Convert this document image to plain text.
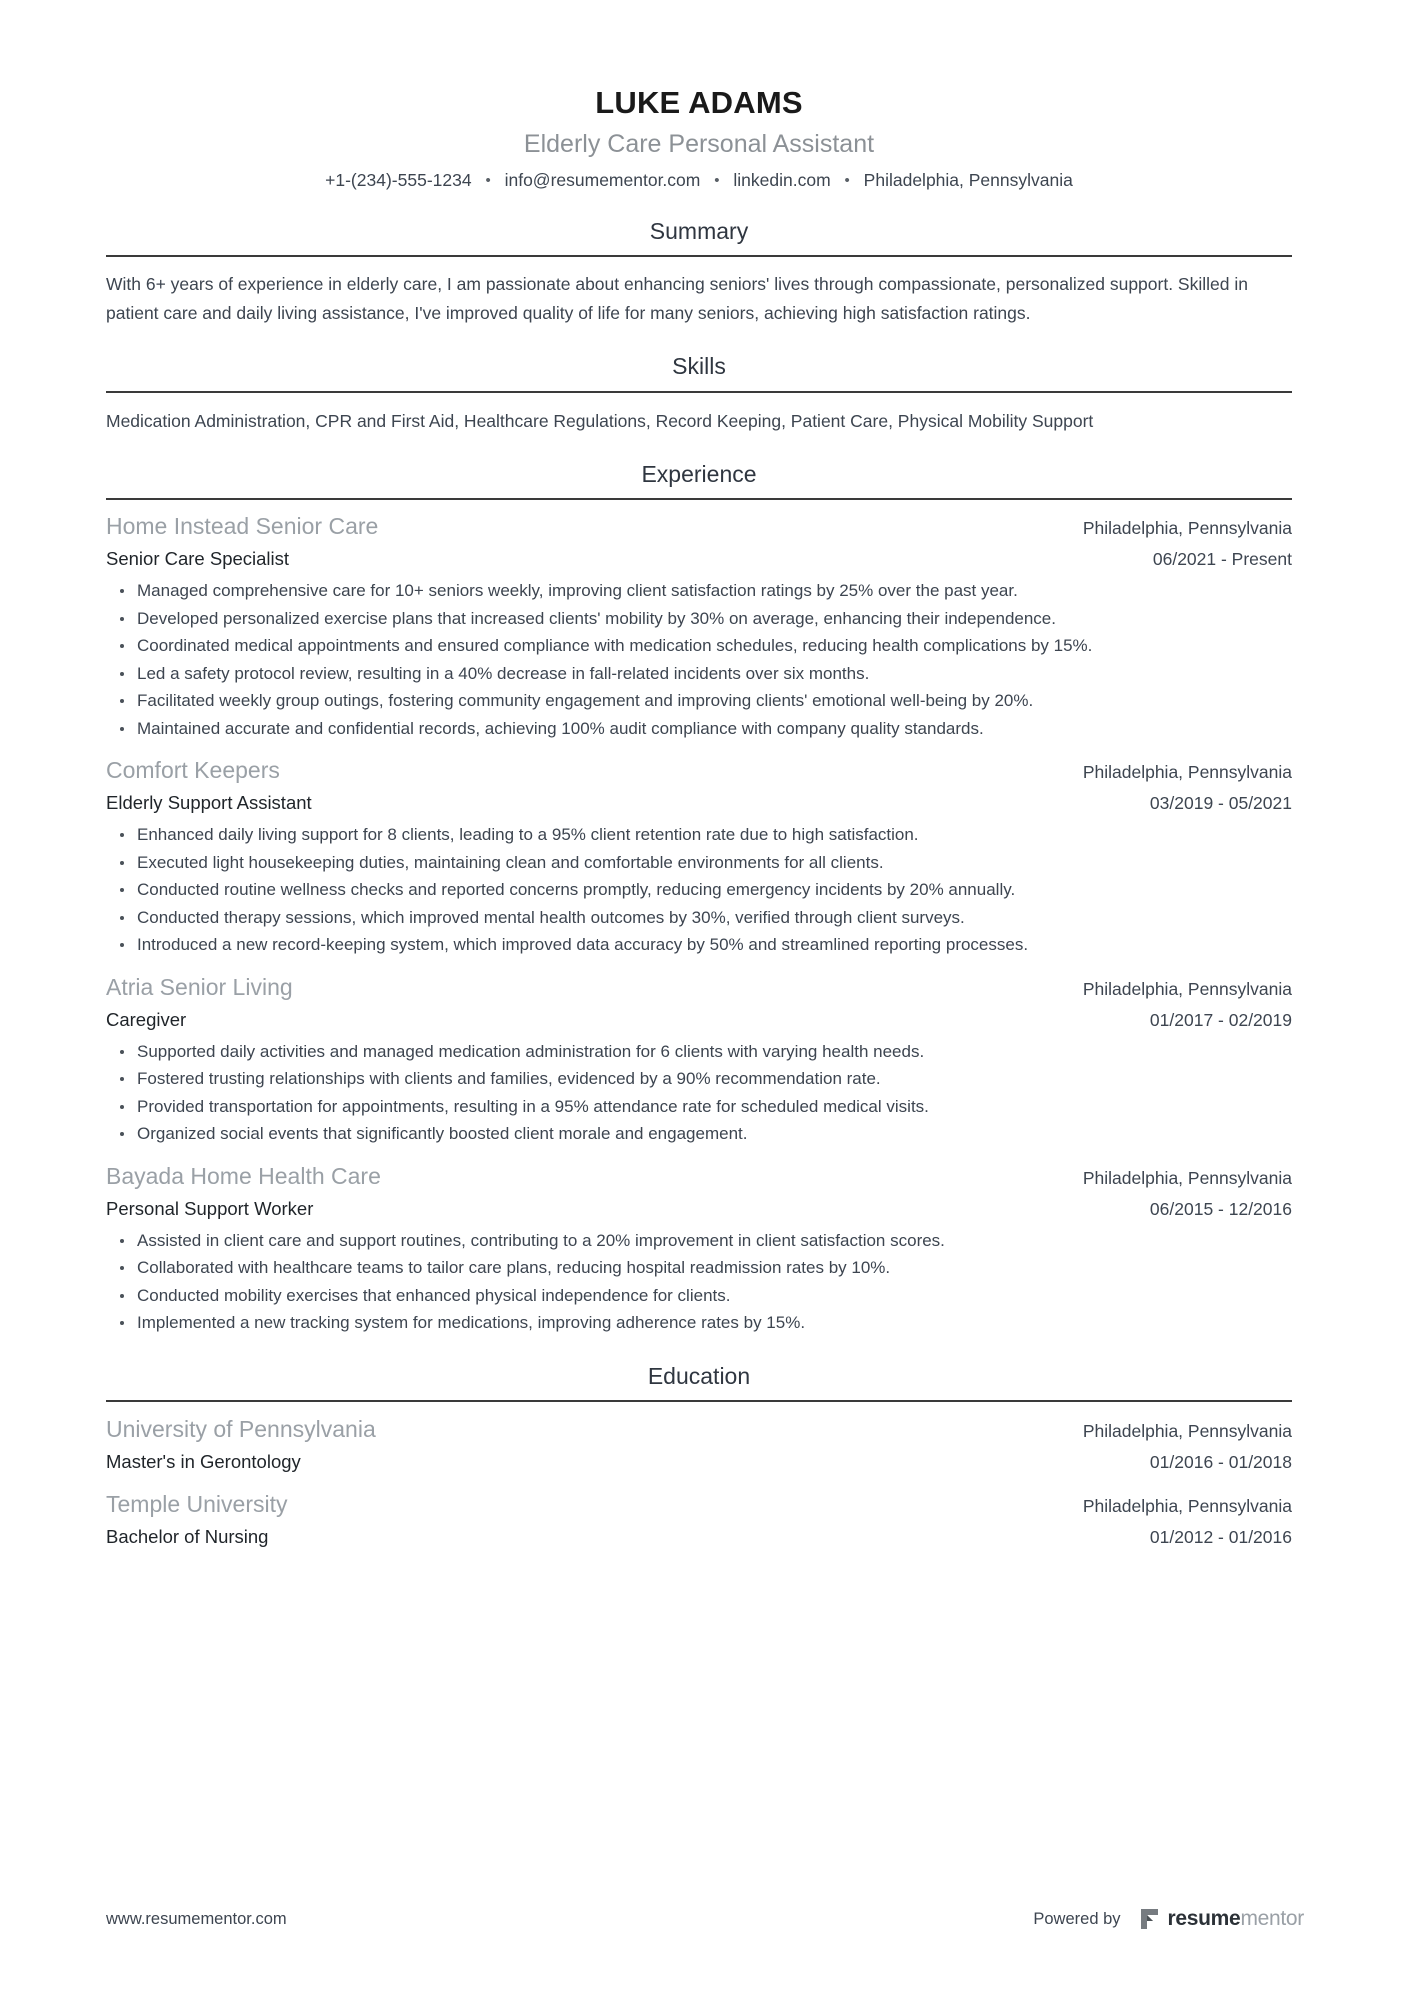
LUKE ADAMS
Elderly Care Personal Assistant
+1-(234)-555-1234 • info@resumementor.com • linkedin.com • Philadelphia, Pennsylvania
Summary

With 6+ years of experience in elderly care, I am passionate about enhancing seniors' lives through compassionate, personalized support. Skilled in patient care and daily living assistance, I've improved quality of life for many seniors, achieving high satisfaction ratings.

Skills

Medication Administration, CPR and First Aid, Healthcare Regulations, Record Keeping, Patient Care, Physical Mobility Support

Experience
Home Instead Senior Care	Philadelphia, Pennsylvania
Senior Care Specialist	06/2021 - Present
Managed comprehensive care for 10+ seniors weekly, improving client satisfaction ratings by 25% over the past year.
Developed personalized exercise plans that increased clients' mobility by 30% on average, enhancing their independence.
Coordinated medical appointments and ensured compliance with medication schedules, reducing health complications by 15%.
Led a safety protocol review, resulting in a 40% decrease in fall-related incidents over six months.
Facilitated weekly group outings, fostering community engagement and improving clients' emotional well-being by 20%.
Maintained accurate and confidential records, achieving 100% audit compliance with company quality standards.
Comfort Keepers	Philadelphia, Pennsylvania
Elderly Support Assistant	03/2019 - 05/2021
Enhanced daily living support for 8 clients, leading to a 95% client retention rate due to high satisfaction.
Executed light housekeeping duties, maintaining clean and comfortable environments for all clients.
Conducted routine wellness checks and reported concerns promptly, reducing emergency incidents by 20% annually.
Conducted therapy sessions, which improved mental health outcomes by 30%, verified through client surveys.
Introduced a new record-keeping system, which improved data accuracy by 50% and streamlined reporting processes.
Atria Senior Living	Philadelphia, Pennsylvania
Caregiver	01/2017 - 02/2019
Supported daily activities and managed medication administration for 6 clients with varying health needs.
Fostered trusting relationships with clients and families, evidenced by a 90% recommendation rate.
Provided transportation for appointments, resulting in a 95% attendance rate for scheduled medical visits.
Organized social events that significantly boosted client morale and engagement.
Bayada Home Health Care	Philadelphia, Pennsylvania
Personal Support Worker	06/2015 - 12/2016
Assisted in client care and support routines, contributing to a 20% improvement in client satisfaction scores.
Collaborated with healthcare teams to tailor care plans, reducing hospital readmission rates by 10%.
Conducted mobility exercises that enhanced physical independence for clients.
Implemented a new tracking system for medications, improving adherence rates by 15%.
Education
University of Pennsylvania	Philadelphia, Pennsylvania
Master's in Gerontology	01/2016 - 01/2018
Temple University	Philadelphia, Pennsylvania
Bachelor of Nursing	01/2012 - 01/2016
www.resumementor.com	Powered by resumementor
